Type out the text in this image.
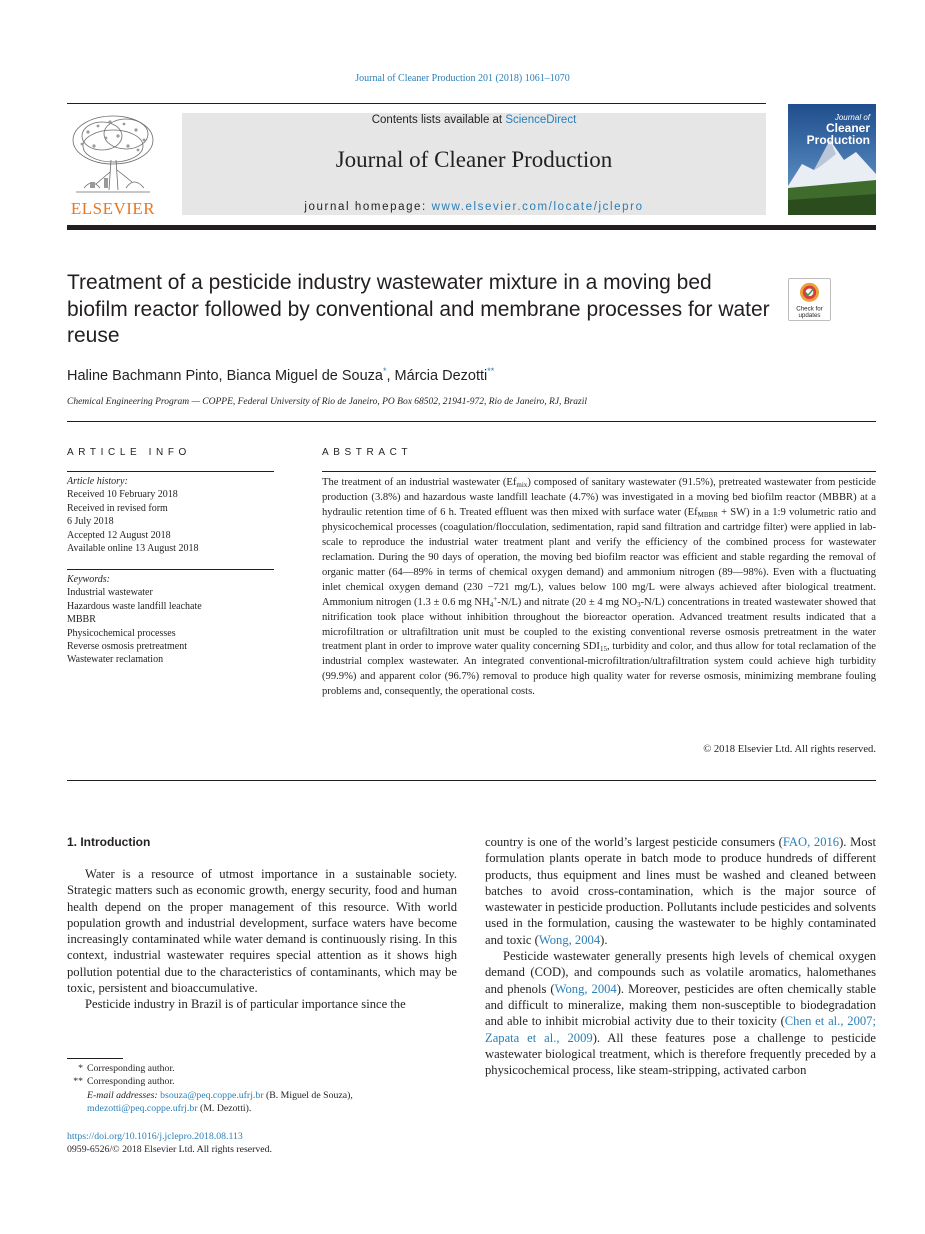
Journal of Cleaner Production 201 (2018) 1061–1070
ELSEVIER
Contents lists available at ScienceDirect
Journal of Cleaner Production
journal homepage: www.elsevier.com/locate/jclepro
Journal of
Cleaner
Production
Treatment of a pesticide industry wastewater mixture in a moving bed biofilm reactor followed by conventional and membrane processes for water reuse
Check for
updates
Haline Bachmann Pinto, Bianca Miguel de Souza*, Márcia Dezotti**
Chemical Engineering Program — COPPE, Federal University of Rio de Janeiro, PO Box 68502, 21941-972, Rio de Janeiro, RJ, Brazil
ARTICLE INFO	ABSTRACT
Article history:
Received 10 February 2018
Received in revised form
6 July 2018
Accepted 12 August 2018
Available online 13 August 2018
Keywords:
Industrial wastewater
Hazardous waste landfill leachate
MBBR
Physicochemical processes
Reverse osmosis pretreatment
Wastewater reclamation

The treatment of an industrial wastewater $(Ef_{mix})$ composed of sanitary wastewater (91.5%), pretreated wastewater from pesticide production (3.8%) and hazardous waste landfill leachate (4.7%) was investigated in a moving bed biofilm reactor (MBBR) at a hydraulic retention time of 6 h. Treated effluent was then mixed with surface water $(Ef_{MBBR} + SW)$ in a 1:9 volumetric ratio and physicochemical processes (coagulation/flocculation, sedimentation, rapid sand filtration and cartridge filter) were applied in lab-scale to reproduce the industrial water treatment plant and verify the efficiency of the combined process for wastewater reclamation. During the 90 days of operation, the moving bed biofilm reactor was efficient and stable regarding the removal of organic matter (64—89% in terms of chemical oxygen demand) and ammonium nitrogen (89—98%). Even with a fluctuating inlet chemical oxygen demand (230 −721 mg/L), values below 100 mg/L were always achieved after biological treatment. Ammonium nitrogen (1.3 ± 0.6 mg $NH_4^+-N/L$) and nitrate (20 ± 4 mg $NO_3-N/L$) concentrations in treated wastewater showed that nitrification took place without inhibition throughout the bioreactor operation. Advanced treatment results indicated that a microfiltration or ultrafiltration unit must be coupled to the existing conventional reverse osmosis pretreatment in the water treatment plant in order to improve water quality concerning $SDI_{15}$, turbidity and color, and thus allow for total reclamation of the industrial complex wastewater. An integrated conventional-microfiltration/ultrafiltration system could achieve high turbidity (99.9%) and apparent color (96.7%) removal to produce high quality water for reverse osmosis, minimizing membrane fouling problems and, consequently, the operational costs.

© 2018 Elsevier Ltd. All rights reserved.
1. Introduction

Water is a resource of utmost importance in a sustainable society. Strategic matters such as economic growth, energy security, food and human health depend on the proper management of this resource. With world population growth and industrial development, surface waters have become increasingly contaminated while water demand is continuously rising. In this context, industrial wastewater requires special attention as it shows high pollution potential due to the characteristics of contaminants, which may be toxic, persistent and bioaccumulative.

Pesticide industry in Brazil is of particular importance since the

country is one of the world’s largest pesticide consumers (FAO, 2016). Most formulation plants operate in batch mode to produce hundreds of different products, thus equipment and lines must be washed and cleaned between batches to avoid cross-contamination, which is the major source of wastewater in pesticide production. Pollutants include pesticides and solvents used in the formulation, causing the wastewater to be highly contaminated and toxic (Wong, 2004).

Pesticide wastewater generally presents high levels of chemical oxygen demand (COD), and compounds such as volatile aromatics, halomethanes and phenols (Wong, 2004). Moreover, pesticides are often chemically stable and difficult to mineralize, making them non-susceptible to biodegradation and able to inhibit microbial activity due to their toxicity (Chen et al., 2007; Zapata et al., 2009). All these features pose a challenge to pesticide wastewater biological treatment, which is therefore frequently preceded by a physicochemical process, like steam-stripping, activated carbon

* Corresponding author.
** Corresponding author.
E-mail addresses: bsouza@peq.coppe.ufrj.br (B. Miguel de Souza), mdezotti@peq.coppe.ufrj.br (M. Dezotti).
https://doi.org/10.1016/j.jclepro.2018.08.113
0959-6526/© 2018 Elsevier Ltd. All rights reserved.
